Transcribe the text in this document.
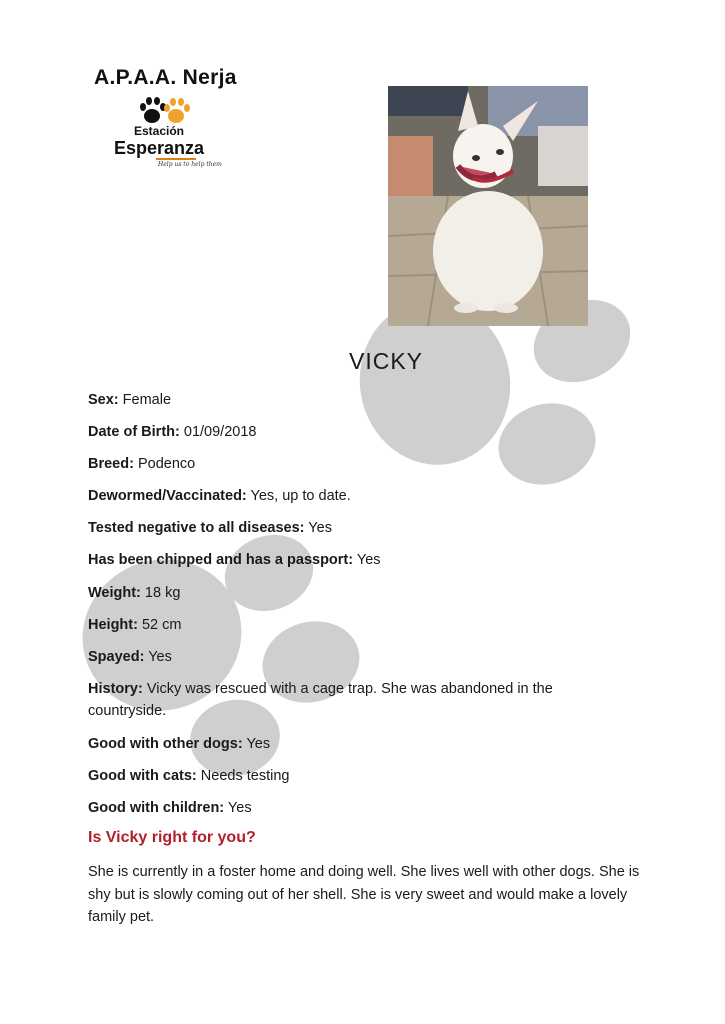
A.P.A.A. Nerja
Estación
Esperanza
Help us to help them
VICKY
Sex: Female
Date of Birth: 01/09/2018
Breed: Podenco
Dewormed/Vaccinated: Yes, up to date.
Tested negative to all diseases: Yes
Has been chipped and has a passport: Yes
Weight: 18 kg
Height: 52 cm
Spayed: Yes
History: Vicky was rescued with a cage trap. She was abandoned in the countryside.
Good with other dogs: Yes
Good with cats: Needs testing
Good with children: Yes
Is Vicky right for you?
She is currently in a foster home and doing well. She lives well with other dogs. She is shy but is slowly coming out of her shell. She is very sweet and would make a lovely family pet.
